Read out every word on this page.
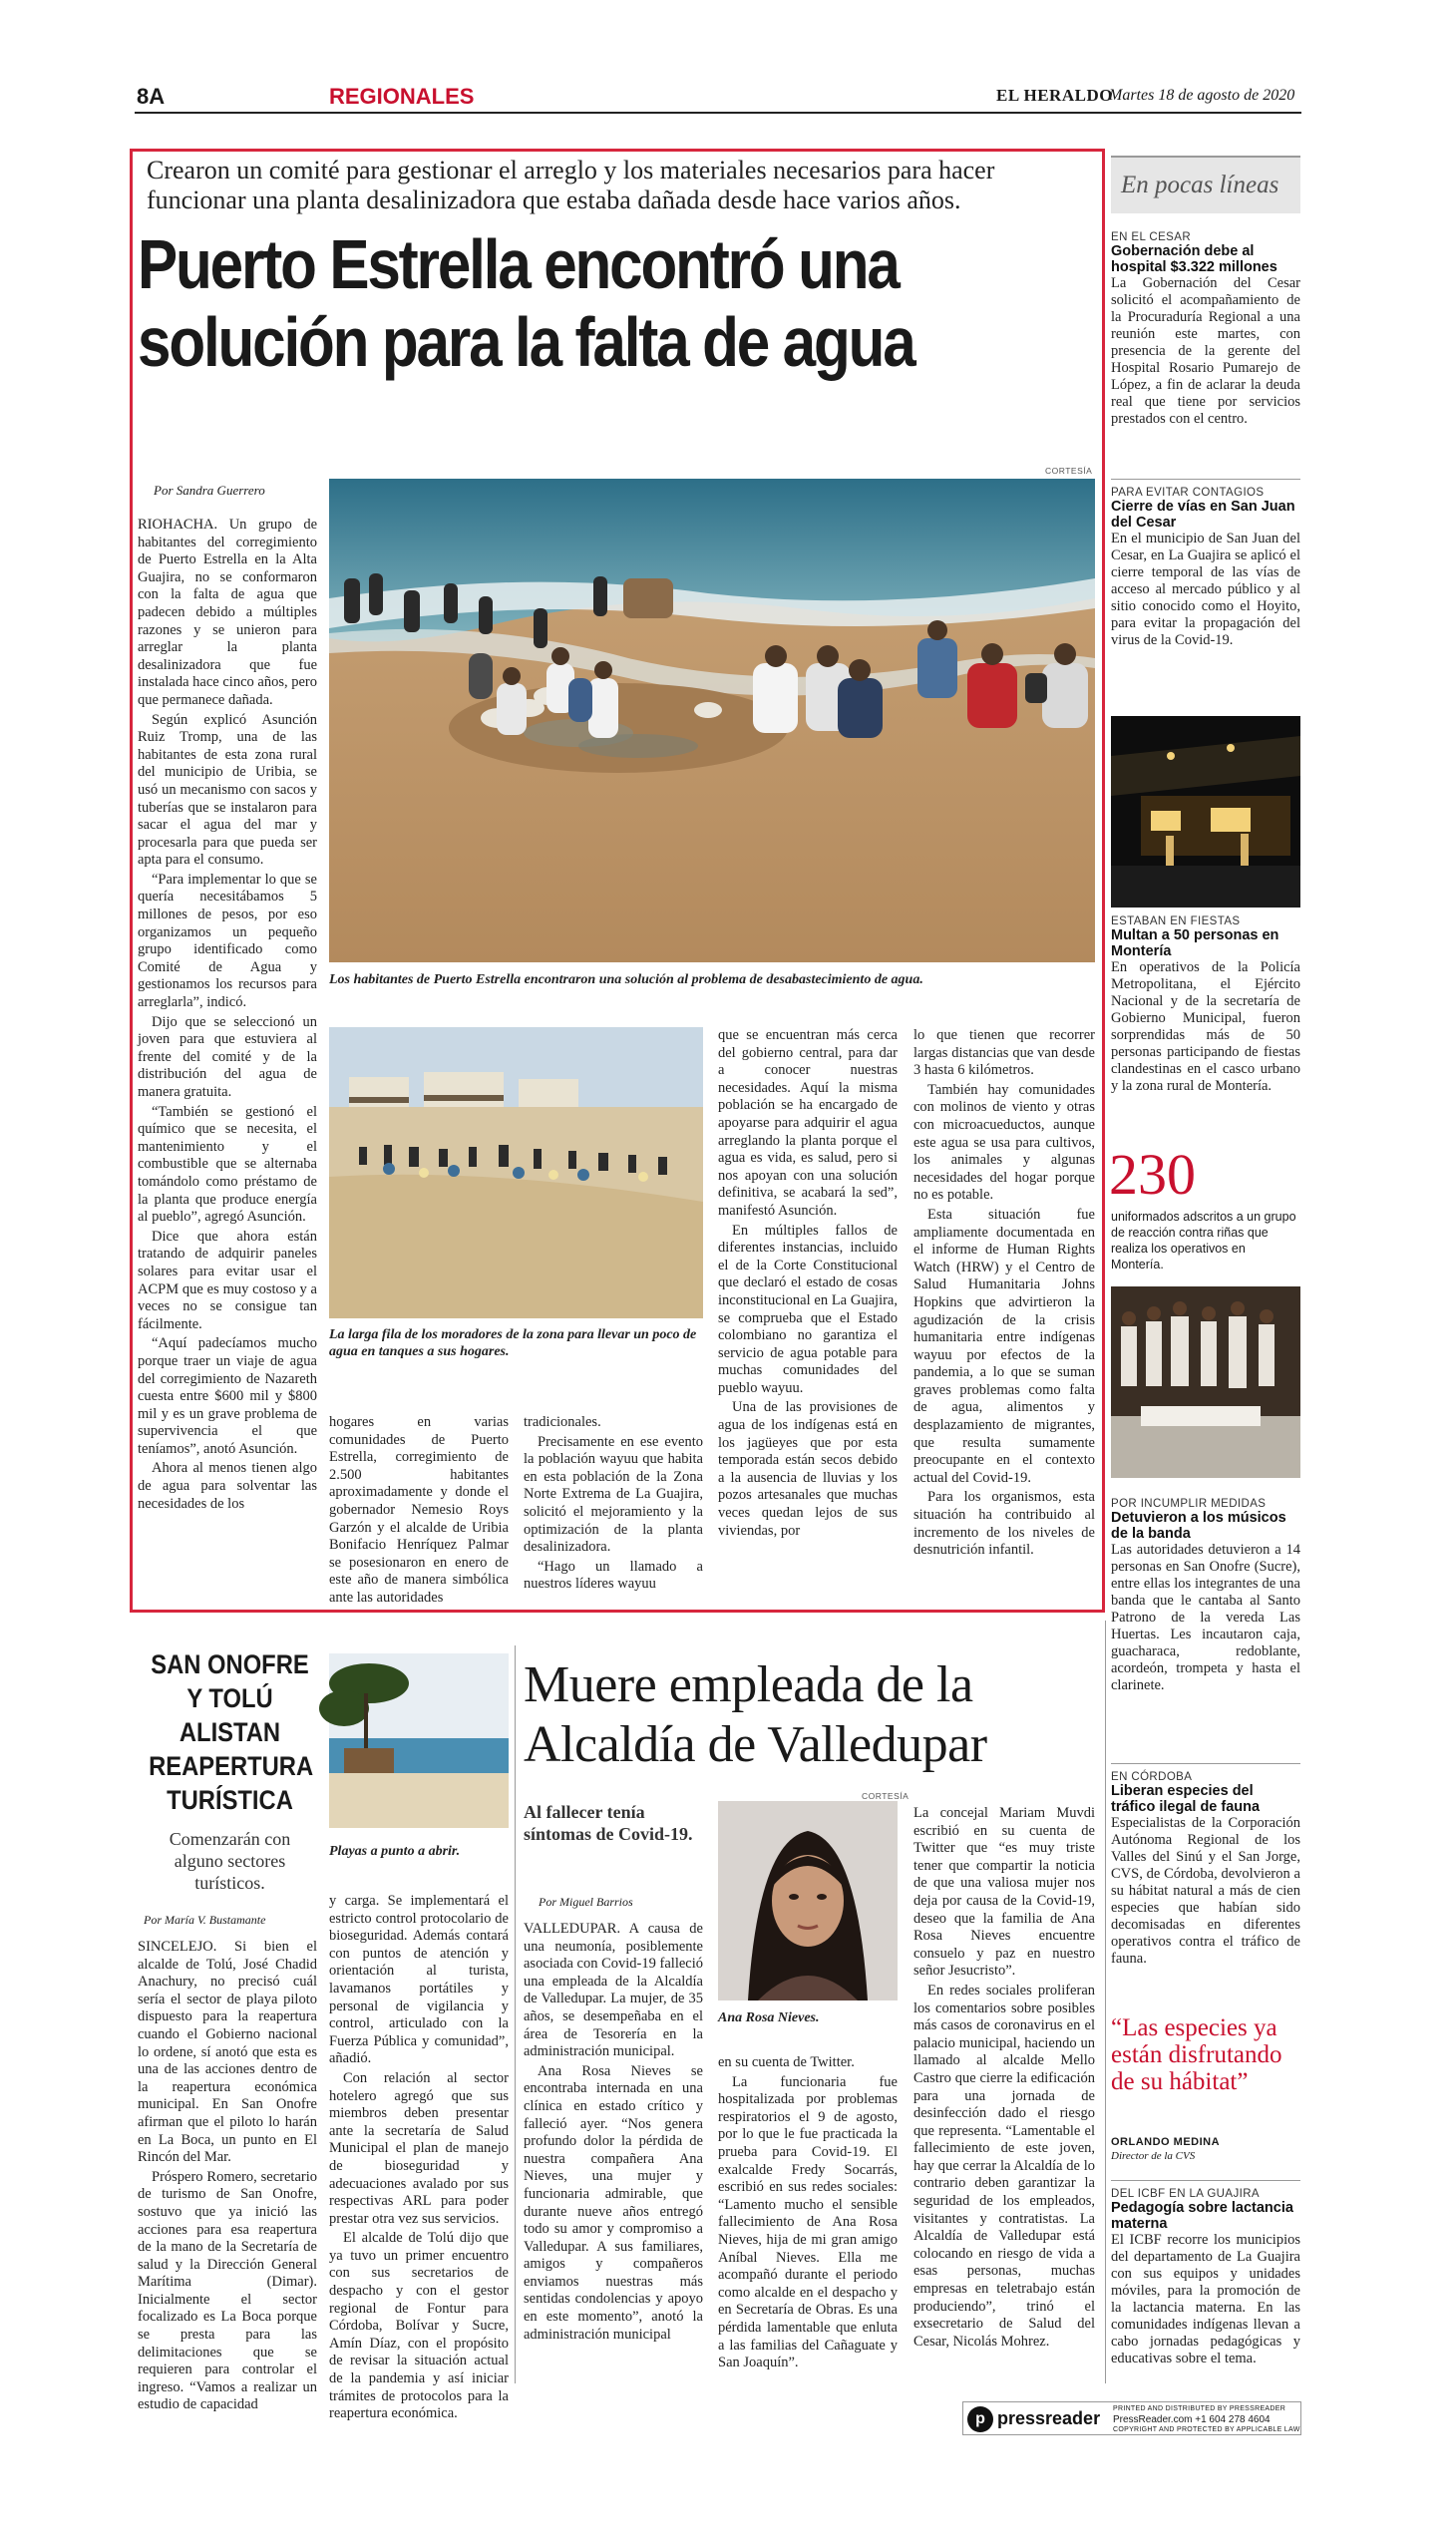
8A	REGIONALES	EL HERALDO
Martes 18 de agosto de 2020
Crearon un comité para gestionar el arreglo y los materiales necesarios para hacer funcionar una planta desalinizadora que estaba dañada desde hace varios años.
Puerto Estrella encontró una solución para la falta de agua
Por Sandra Guerrero
CORTESÍA
Los habitantes de Puerto Estrella encontraron una solución al problema de desabastecimiento de agua.
La larga fila de los moradores de la zona para llevar un poco de agua en tanques a sus hogares.

RIOHACHA. Un grupo de habitantes del corregimiento de Puerto Estrella en la Alta Guajira, no se conformaron con la falta de agua que padecen debido a múltiples razones y se unieron para arreglar la planta desalinizadora que fue instalada hace cinco años, pero que permanece dañada.

Según explicó Asunción Ruiz Tromp, una de las habitantes de esta zona rural del municipio de Uribia, se usó un mecanismo con sacos y tuberías que se instalaron para sacar el agua del mar y procesarla para que pueda ser apta para el consumo.

“Para implementar lo que se quería necesitábamos 5 millones de pesos, por eso organizamos un pequeño grupo identificado como Comité de Agua y gestionamos los recursos para arreglarla”, indicó.

Dijo que se seleccionó un joven para que estuviera al frente del comité y de la distribución del agua de manera gratuita.

“También se gestionó el químico que se necesita, el mantenimiento y el combustible que se alternaba tomándolo como préstamo de la planta que produce energía al pueblo”, agregó Asunción.

Dice que ahora están tratando de adquirir paneles solares para evitar usar el ACPM que es muy costoso y a veces no se consigue tan fácilmente.

“Aquí padecíamos mucho porque traer un viaje de agua del corregimiento de Nazareth cuesta entre $600 mil y $800 mil y es un grave problema de supervivencia el que teníamos”, anotó Asunción.

Ahora al menos tienen algo de agua para solventar las necesidades de los

hogares en varias comunidades de Puerto Estrella, corregimiento de 2.500 habitantes aproximadamente y donde el gobernador Nemesio Roys Garzón y el alcalde de Uribia Bonifacio Henríquez Palmar se posesionaron en enero de este año de manera simbólica ante las autoridades

tradicionales.

Precisamente en ese evento la población wayuu que habita en esta población de la Zona Norte Extrema de La Guajira, solicitó el mejoramiento y la optimización de la planta desalinizadora.

“Hago un llamado a nuestros líderes wayuu

que se encuentran más cerca del gobierno central, para dar a conocer nuestras necesidades. Aquí la misma población se ha encargado de apoyarse para adquirir el agua arreglando la planta porque el agua es vida, es salud, pero si nos apoyan con una solución definitiva, se acabará la sed”, manifestó Asunción.

En múltiples fallos de diferentes instancias, incluido el de la Corte Constitucional que declaró el estado de cosas inconstitucional en La Guajira, se comprueba que el Estado colombiano no garantiza el servicio de agua potable para muchas comunidades del pueblo wayuu.

Una de las provisiones de agua de los indígenas está en los jagüeyes que por esta temporada están secos debido a la ausencia de lluvias y los pozos artesanales que muchas veces quedan lejos de sus viviendas, por

lo que tienen que recorrer largas distancias que van desde 3 hasta 6 kilómetros.

También hay comunidades con molinos de viento y otras con microacueductos, aunque este agua se usa para cultivos, los animales y algunas necesidades del hogar porque no es potable.

Esta situación fue ampliamente documentada en el informe de Human Rights Watch (HRW) y el Centro de Salud Humanitaria Johns Hopkins que advirtieron la agudización de la crisis humanitaria entre indígenas wayuu por efectos de la pandemia, a lo que se suman graves problemas como falta de agua, alimentos y desplazamiento de migrantes, que resulta sumamente preocupante en el contexto actual del Covid-19.

Para los organismos, esta situación ha contribuido al incremento de los niveles de desnutrición infantil.

En pocas líneas
EN EL CESAR
Gobernación debe al hospital $3.322 millones
La Gobernación del Cesar solicitó el acompañamiento de la Procuraduría Regional a una reunión este martes, con presencia de la gerente del Hospital Rosario Pumarejo de López, a fin de aclarar la deuda real que tiene por servicios prestados con el centro.
PARA EVITAR CONTAGIOS
Cierre de vías en San Juan del Cesar
En el municipio de San Juan del Cesar, en La Guajira se aplicó el cierre temporal de las vías de acceso al mercado público y al sitio conocido como el Hoyito, para evitar la propagación del virus de la Covid-19.
ESTABAN EN FIESTAS
Multan a 50 personas en Montería
En operativos de la Policía Metropolitana, el Ejército Nacional y de la secretaría de Gobierno Municipal, fueron sorprendidas más de 50 personas participando de fiestas clandestinas en el casco urbano y la zona rural de Montería.
230
uniformados adscritos a un grupo de reacción contra riñas que realiza los operativos en Montería.
POR INCUMPLIR MEDIDAS
Detuvieron a los músicos de la banda
Las autoridades detuvieron a 14 personas en San Onofre (Sucre), entre ellas los integrantes de una banda que le cantaba al Santo Patrono de la vereda Las Huertas. Les incautaron caja, guacharaca, redoblante, acordeón, trompeta y hasta el clarinete.
EN CÓRDOBA
Liberan especies del tráfico ilegal de fauna
Especialistas de la Corporación Autónoma Regional de los Valles del Sinú y el San Jorge, CVS, de Córdoba, devolvieron a su hábitat natural a más de cien especies que habían sido decomisadas en diferentes operativos contra el tráfico de fauna.
“Las especies ya están disfrutando de su hábitat”
ORLANDO MEDINA
Director de la CVS
DEL ICBF EN LA GUAJIRA
Pedagogía sobre lactancia materna
El ICBF recorre los municipios del departamento de La Guajira con sus equipos y unidades móviles, para la promoción de la lactancia materna. En las comunidades indígenas llevan a cabo jornadas pedagógicas y educativas sobre el tema.
SAN ONOFRE Y TOLÚ ALISTAN REAPERTURA TURÍSTICA
Comenzarán con alguno sectores turísticos.
Por María V. Bustamante
Playas a punto a abrir.

SINCELEJO. Si bien el alcalde de Tolú, José Chadid Anachury, no precisó cuál sería el sector de playa piloto dispuesto para la reapertura cuando el Gobierno nacional lo ordene, sí anotó que esta es una de las acciones dentro de la reapertura económica municipal. En San Onofre afirman que el piloto lo harán en La Boca, un punto en El Rincón del Mar.

Próspero Romero, secretario de turismo de San Onofre, sostuvo que ya inició las acciones para esa reapertura de la mano de la Secretaría de salud y la Dirección General Marítima (Dimar). Inicialmente el sector focalizado es La Boca porque se presta para las delimitaciones que se requieren para controlar el ingreso. “Vamos a realizar un estudio de capacidad

y carga. Se implementará el estricto control protocolario de bioseguridad. Además contará con puntos de atención y orientación al turista, lavamanos portátiles y personal de vigilancia y control, articulado con la Fuerza Pública y comunidad”, añadió.

Con relación al sector hotelero agregó que sus miembros deben presentar ante la secretaría de Salud Municipal el plan de manejo de bioseguridad y adecuaciones avalado por sus respectivas ARL para poder prestar otra vez sus servicios.

El alcalde de Tolú dijo que ya tuvo un primer encuentro con sus secretarios de despacho y con el gestor regional de Fontur para Córdoba, Bolívar y Sucre, Amín Díaz, con el propósito de revisar la situación actual de la pandemia y así iniciar trámites de protocolos para la reapertura económica.

Muere empleada de la Alcaldía de Valledupar
Al fallecer tenía síntomas de Covid-19.
Por Miguel Barrios
CORTESÍA
Ana Rosa Nieves.

VALLEDUPAR. A causa de una neumonía, posiblemente asociada con Covid-19 falleció una empleada de la Alcaldía de Valledupar. La mujer, de 35 años, se desempeñaba en el área de Tesorería en la administración municipal.

Ana Rosa Nieves se encontraba internada en una clínica en estado crítico y falleció ayer. “Nos genera profundo dolor la pérdida de nuestra compañera Ana Nieves, una mujer y funcionaria admirable, que durante nueve años entregó todo su amor y compromiso a Valledupar. A sus familiares, amigos y compañeros enviamos nuestras más sentidas condolencias y apoyo en este momento”, anotó la administración municipal

en su cuenta de Twitter.

La funcionaria fue hospitalizada por problemas respiratorios el 9 de agosto, por lo que le fue practicada la prueba para Covid-19. El exalcalde Fredy Socarrás, escribió en sus redes sociales: “Lamento mucho el sensible fallecimiento de Ana Rosa Nieves, hija de mi gran amigo Aníbal Nieves. Ella me acompañó durante el periodo como alcalde en el despacho y en Secretaría de Obras. Es una pérdida lamentable que enluta a las familias del Cañaguate y San Joaquín”.

La concejal Mariam Muvdi escribió en su cuenta de Twitter que “es muy triste tener que compartir la noticia de que una valiosa mujer nos deja por causa de la Covid-19, deseo que la familia de Ana Rosa Nieves encuentre consuelo y paz en nuestro señor Jesucristo”.

En redes sociales proliferan los comentarios sobre posibles más casos de coronavirus en el palacio municipal, haciendo un llamado al alcalde Mello Castro que cierre la edificación para una jornada de desinfección dado el riesgo que representa. “Lamentable el fallecimiento de este joven, hay que cerrar la Alcaldía de lo contrario deben garantizar la seguridad de los empleados, visitantes y contratistas. La Alcaldía de Valledupar está colocando en riesgo de vida a esas personas, muchas empresas en teletrabajo están produciendo”, trinó el exsecretario de Salud del Cesar, Nicolás Mohrez.

p pressreader PRINTED AND DISTRIBUTED BY PRESSREADER
PressReader.com +1 604 278 4604
COPYRIGHT AND PROTECTED BY APPLICABLE LAW
